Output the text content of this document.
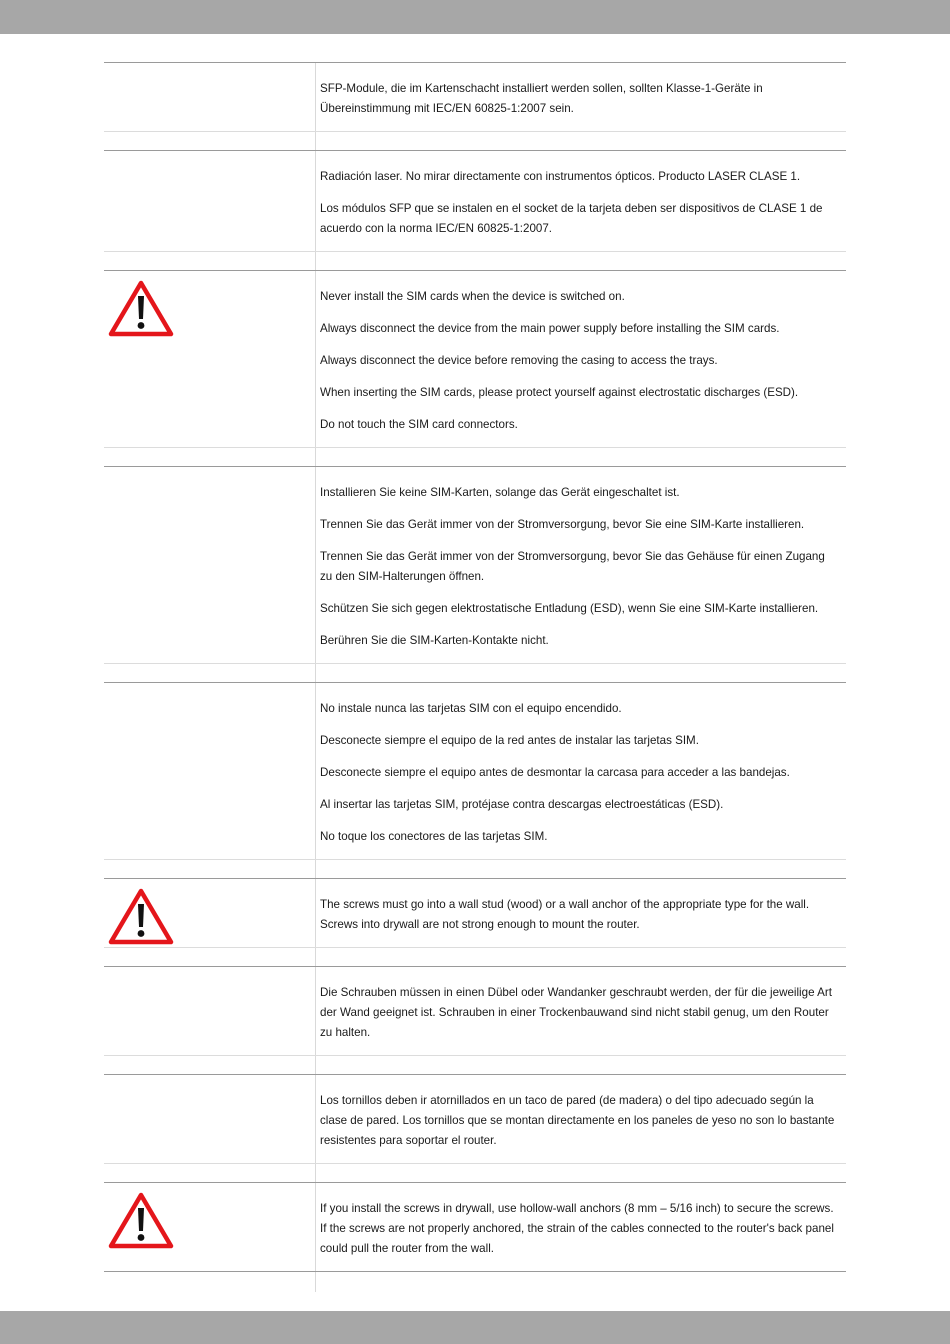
SFP-Module, die im Kartenschacht installiert werden sollen, sollten Klasse-1-Geräte in Übereinstimmung mit IEC/EN 60825-1:2007 sein.

Radiación laser. No mirar directamente con instrumentos ópticos. Producto LASER CLASE 1.

Los módulos SFP que se instalen en el socket de la tarjeta deben ser dispositivos de CLASE 1 de acuerdo con la norma IEC/EN 60825-1:2007.

Never install the SIM cards when the device is switched on.

Always disconnect the device from the main power supply before installing the SIM cards.

Always disconnect the device before removing the casing to access the trays.

When inserting the SIM cards, please protect yourself against electrostatic discharges (ESD).

Do not touch the SIM card connectors.

Installieren Sie keine SIM-Karten, solange das Gerät eingeschaltet ist.

Trennen Sie das Gerät immer von der Stromversorgung, bevor Sie eine SIM-Karte installieren.

Trennen Sie das Gerät immer von der Stromversorgung, bevor Sie das Gehäuse für einen Zugang zu den SIM-Halterungen öffnen.

Schützen Sie sich gegen elektrostatische Entladung (ESD), wenn Sie eine SIM-Karte installieren.

Berühren Sie die SIM-Karten-Kontakte nicht.

No instale nunca las tarjetas SIM con el equipo encendido.

Desconecte siempre el equipo de la red antes de instalar las tarjetas SIM.

Desconecte siempre el equipo antes de desmontar la carcasa para acceder a las bandejas.

Al insertar las tarjetas SIM, protéjase contra descargas electroestáticas (ESD).

No toque los conectores de las tarjetas SIM.

The screws must go into a wall stud (wood) or a wall anchor of the appropriate type for the wall. Screws into drywall are not strong enough to mount the router.

Die Schrauben müssen in einen Dübel oder Wandanker geschraubt werden, der für die jeweilige Art der Wand geeignet ist. Schrauben in einer Trockenbauwand sind nicht stabil genug, um den Router zu halten.

Los tornillos deben ir atornillados en un taco de pared (de madera) o del tipo adecuado según la clase de pared. Los tornillos que se montan directamente en los paneles de yeso no son lo bastante resistentes para soportar el router.

If you install the screws in drywall, use hollow-wall anchors (8 mm – 5/16 inch) to secure the screws. If the screws are not properly anchored, the strain of the cables connected to the router's back panel could pull the router from the wall.
